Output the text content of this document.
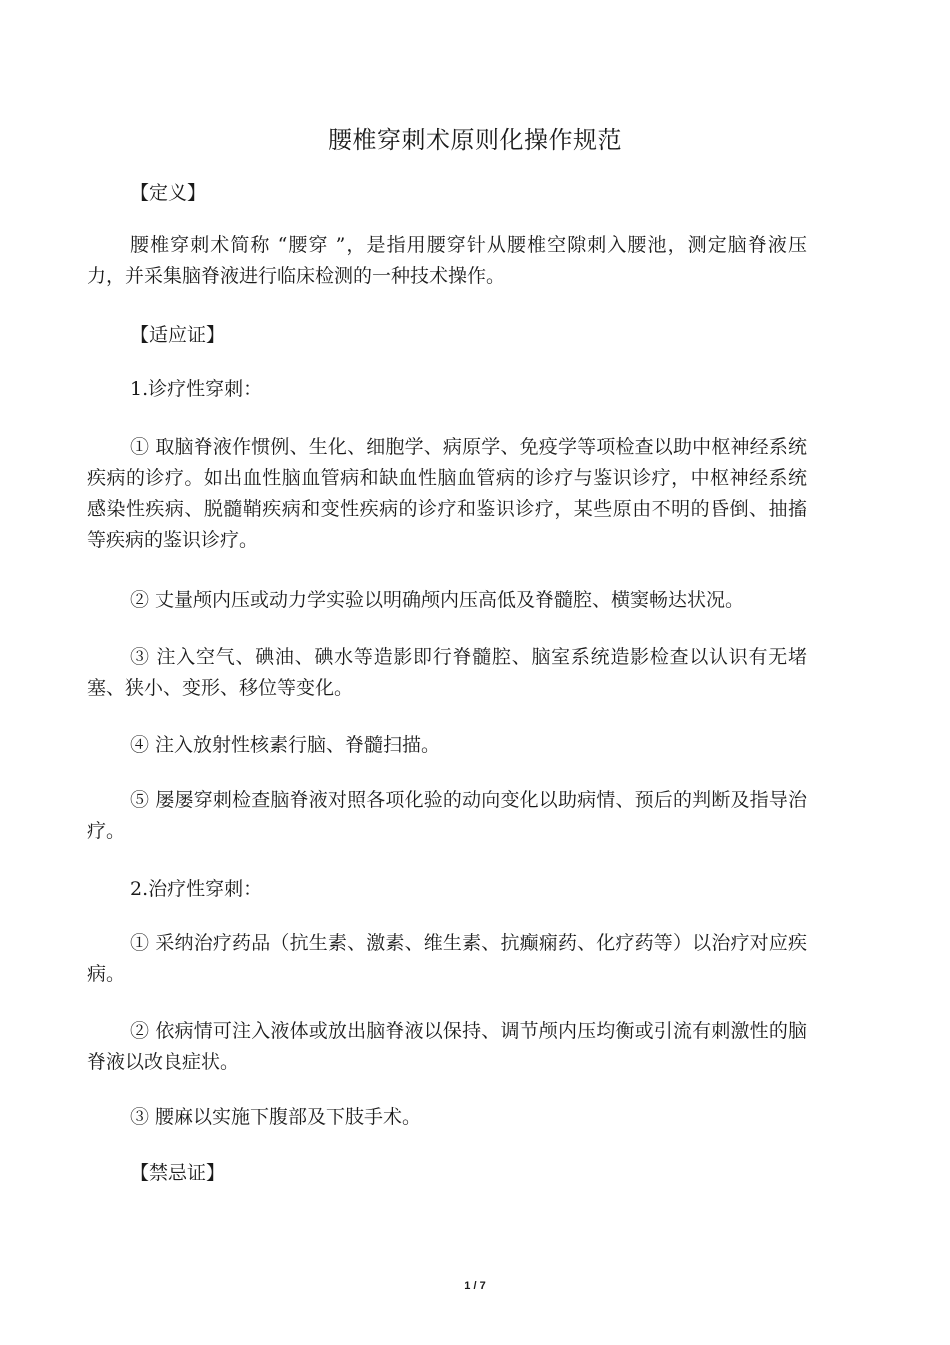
腰椎穿刺术原则化操作规范
【定义】
腰椎穿刺术简称 “腰穿 ”，是指用腰穿针从腰椎空隙刺入腰池，测定脑脊液压力，并采集脑脊液进行临床检测的一种技术操作。
【适应证】
1.诊疗性穿刺：
① 取脑脊液作惯例、生化、细胞学、病原学、免疫学等项检查以助中枢神经系统疾病的诊疗。如出血性脑血管病和缺血性脑血管病的诊疗与鉴识诊疗，中枢神经系统感染性疾病、脱髓鞘疾病和变性疾病的诊疗和鉴识诊疗，某些原由不明的昏倒、抽搐等疾病的鉴识诊疗。
② 丈量颅内压或动力学实验以明确颅内压高低及脊髓腔、横窦畅达状况。
③ 注入空气、碘油、碘水等造影即行脊髓腔、脑室系统造影检查以认识有无堵塞、狭小、变形、移位等变化。
④ 注入放射性核素行脑、脊髓扫描。
⑤ 屡屡穿刺检查脑脊液对照各项化验的动向变化以助病情、预后的判断及指导治疗。
2.治疗性穿刺：
① 采纳治疗药品（抗生素、激素、维生素、抗癫痫药、化疗药等）以治疗对应疾病。
② 依病情可注入液体或放出脑脊液以保持、调节颅内压均衡或引流有刺激性的脑脊液以改良症状。
③ 腰麻以实施下腹部及下肢手术。
【禁忌证】
1 / 7
